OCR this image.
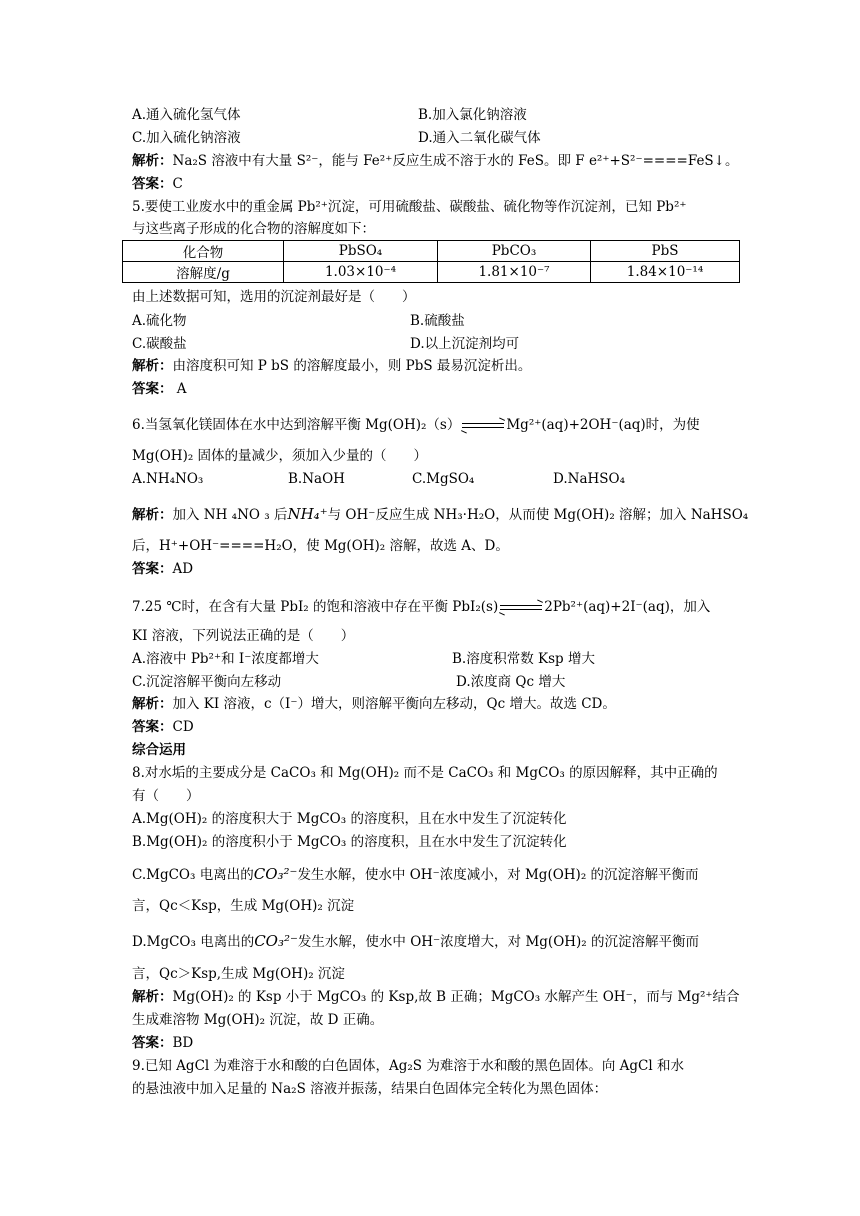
A.通入硫化氢气体	B.加入氯化钠溶液
C.加入硫化钠溶液	D.通入二氧化碳气体
解析：Na₂S 溶液中有大量 S²⁻，能与 Fe²⁺反应生成不溶于水的 FeS。即 F e²⁺+S²⁻====FeS↓。
答案：C
5.要使工业废水中的重金属 Pb²⁺沉淀，可用硫酸盐、碳酸盐、硫化物等作沉淀剂，已知 Pb²⁺
与这些离子形成的化合物的溶解度如下：
化合物	PbSO₄	PbCO₃	PbS
溶解度/g	1.03×10⁻⁴	1.81×10⁻⁷	1.84×10⁻¹⁴
由上述数据可知，选用的沉淀剂最好是（　　）
A.硫化物	B.硫酸盐
C.碳酸盐	D.以上沉淀剂均可
解析：由溶度积可知 P bS 的溶解度最小，则 PbS 最易沉淀析出。
答案： A
6.当氢氧化镁固体在水中达到溶解平衡 Mg(OH)₂（s） → Mg²⁺(aq)+2OH⁻(aq)时，为使
Mg(OH)₂ 固体的量减少，须加入少量的（　　）
A.NH₄NO₃	B.NaOH	C.MgSO₄	D.NaHSO₄
解析：加入 NH ₄NO ₃ 后NH₄⁺与 OH⁻反应生成 NH₃·H₂O，从而使 Mg(OH)₂ 溶解；加入 NaHSO₄
后，H⁺+OH⁻====H₂O，使 Mg(OH)₂ 溶解，故选 A、D。
答案：AD
7.25 ℃时，在含有大量 PbI₂ 的饱和溶液中存在平衡 PbI₂(s) → 2Pb²⁺(aq)+2I⁻(aq)，加入
KI 溶液，下列说法正确的是（　　）
A.溶液中 Pb²⁺和 I⁻浓度都增大	B.溶度积常数 Ksp 增大
C.沉淀溶解平衡向左移动	D.浓度商 Qc 增大
解析：加入 KI 溶液，c（I⁻）增大，则溶解平衡向左移动，Qc 增大。故选 CD。
答案：CD
综合运用
8.对水垢的主要成分是 CaCO₃ 和 Mg(OH)₂ 而不是 CaCO₃ 和 MgCO₃ 的原因解释，其中正确的
有（　　）
A.Mg(OH)₂ 的溶度积大于 MgCO₃ 的溶度积，且在水中发生了沉淀转化
B.Mg(OH)₂ 的溶度积小于 MgCO₃ 的溶度积，且在水中发生了沉淀转化
C.MgCO₃ 电离出的CO₃²⁻发生水解，使水中 OH⁻浓度减小，对 Mg(OH)₂ 的沉淀溶解平衡而
言，Qc＜Ksp，生成 Mg(OH)₂ 沉淀
D.MgCO₃ 电离出的CO₃²⁻发生水解，使水中 OH⁻浓度增大，对 Mg(OH)₂ 的沉淀溶解平衡而
言，Qc＞Ksp,生成 Mg(OH)₂ 沉淀
解析：Mg(OH)₂ 的 Ksp 小于 MgCO₃ 的 Ksp,故 B 正确；MgCO₃ 水解产生 OH⁻，而与 Mg²⁺结合
生成难溶物 Mg(OH)₂ 沉淀，故 D 正确。
答案：BD
9.已知 AgCl 为难溶于水和酸的白色固体，Ag₂S 为难溶于水和酸的黑色固体。向 AgCl 和水
的悬浊液中加入足量的 Na₂S 溶液并振荡，结果白色固体完全转化为黑色固体：
